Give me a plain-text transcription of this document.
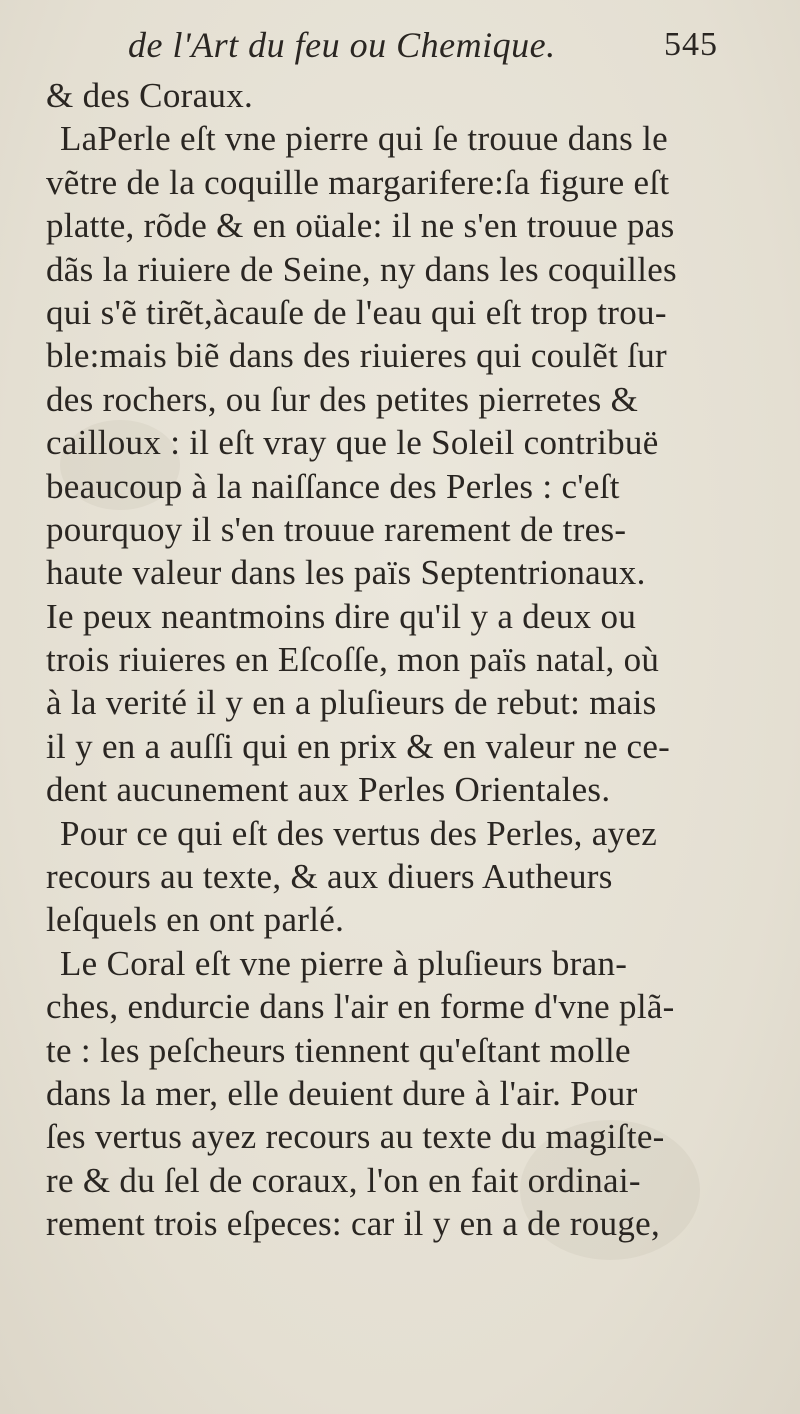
de l'Art du feu ou Chemique.	545
& des Coraux.
LaPerle eſt vne pierre qui ſe trouue dans le
vẽtre de la coquille margarifere:ſa figure eſt
platte, rõde & en oüale: il ne s'en trouue pas
dãs la riuiere de Seine, ny dans les coquilles
qui s'ẽ tirẽt,àcauſe de l'eau qui eſt trop trou-
ble:mais biẽ dans des riuieres qui coulẽt ſur
des rochers, ou ſur des petites pierretes &
cailloux : il eſt vray que le Soleil contribuë
beaucoup à la naiſſance des Perles : c'eſt
pourquoy il s'en trouue rarement de tres-
haute valeur dans les païs Septentrionaux.
Ie peux neantmoins dire qu'il y a deux ou
trois riuieres en Eſcoſſe, mon païs natal, où
à la verité il y en a pluſieurs de rebut: mais
il y en a auſſi qui en prix & en valeur ne ce-
dent aucunement aux Perles Orientales.
Pour ce qui eſt des vertus des Perles, ayez
recours au texte, & aux diuers Autheurs
leſquels en ont parlé.
Le Coral eſt vne pierre à pluſieurs bran-
ches, endurcie dans l'air en forme d'vne plã-
te : les peſcheurs tiennent qu'eſtant molle
dans la mer, elle deuient dure à l'air. Pour
ſes vertus ayez recours au texte du magiſte-
re & du ſel de coraux, l'on en fait ordinai-
rement trois eſpeces: car il y en a de rouge,
